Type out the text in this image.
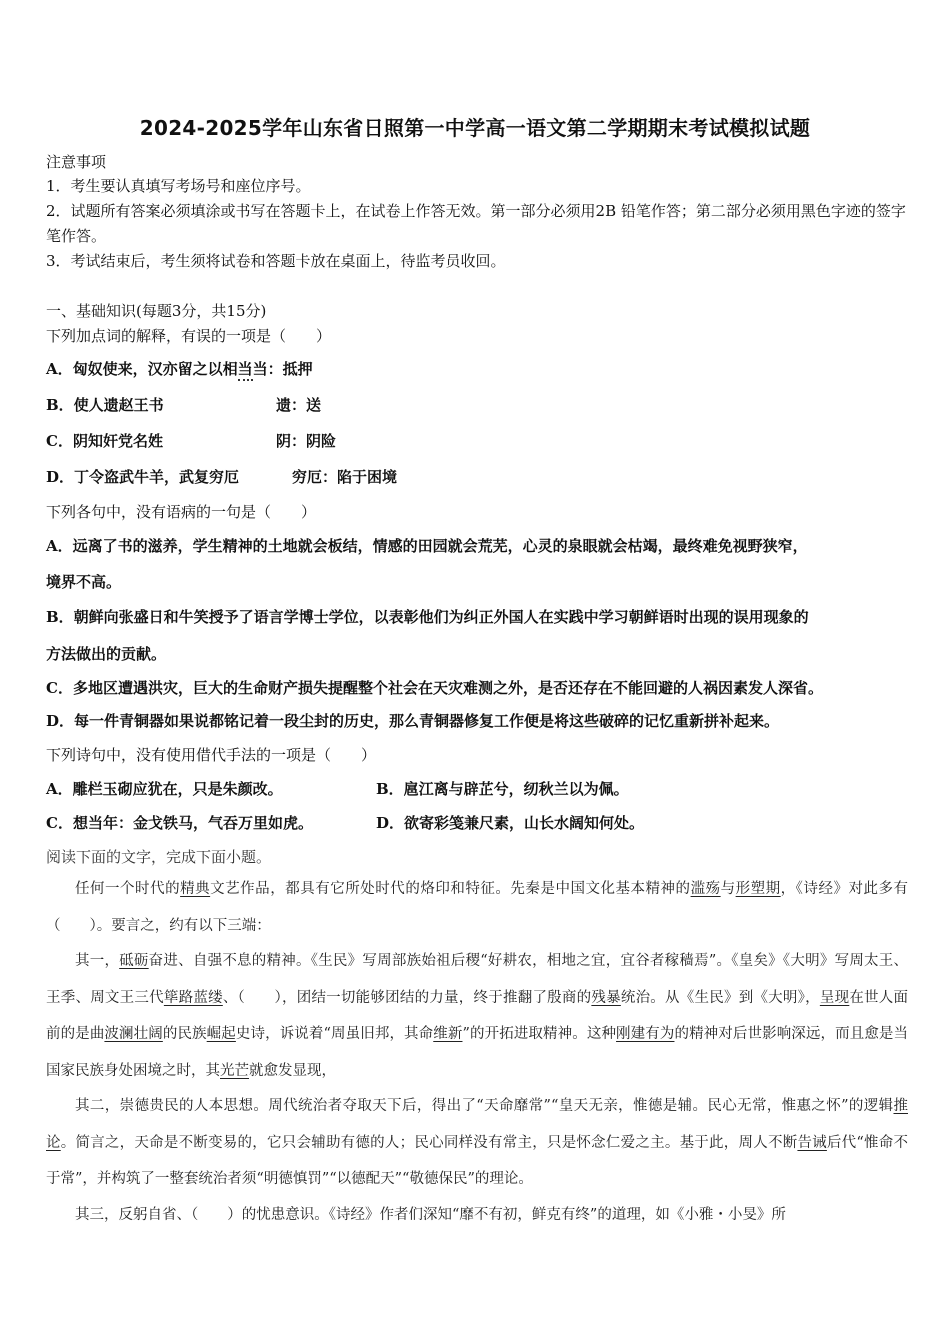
2024-2025学年山东省日照第一中学高一语文第二学期期末考试模拟试题
注意事项
1．考生要认真填写考场号和座位序号。
2．试题所有答案必须填涂或书写在答题卡上，在试卷上作答无效。第一部分必须用2B 铅笔作答；第二部分必须用黑色字迹的签字笔作答。
3．考试结束后，考生须将试卷和答题卡放在桌面上，待监考员收回。
一、基础知识(每题3分，共15分)
下列加点词的解释，有误的一项是（　　）
A．匈奴使来，汉亦留之以相当当：抵押
B．使人遗赵王书	遗：送
C．阴知奸党名姓	阴：阴险
D．丁令盗武牛羊，武复穷厄	穷厄：陷于困境
下列各句中，没有语病的一句是（　　）
A．远离了书的滋养，学生精神的土地就会板结，情感的田园就会荒芜，心灵的泉眼就会枯竭，最终难免视野狭窄，
境界不高。
B．朝鲜向张盛日和牛笑授予了语言学博士学位，以表彰他们为纠正外国人在实践中学习朝鲜语时出现的误用现象的
方法做出的贡献。
C．多地区遭遇洪灾，巨大的生命财产损失提醒整个社会在天灾难测之外，是否还存在不能回避的人祸因素发人深省。
D．每一件青铜器如果说都铭记着一段尘封的历史，那么青铜器修复工作便是将这些破碎的记忆重新拼补起来。
下列诗句中，没有使用借代手法的一项是（　　）
A．雕栏玉砌应犹在，只是朱颜改。	B．扈江离与辟芷兮，纫秋兰以为佩。
C．想当年：金戈铁马，气吞万里如虎。	D．欲寄彩笺兼尺素，山长水阔知何处。
阅读下面的文字，完成下面小题。
任何一个时代的精典文艺作品，都具有它所处时代的烙印和特征。先秦是中国文化基本精神的滥殇与形塑期，《诗经》对此多有（　　）。要言之，约有以下三端：
其一，砥砺奋进、自强不息的精神。《生民》写周部族始祖后稷“好耕农，相地之宜，宜谷者稼穑焉”。《皇矣》《大明》写周太王、王季、周文王三代筚路蓝缕、（　　），团结一切能够团结的力量，终于推翻了殷商的残暴统治。从《生民》到《大明》，呈现在世人面前的是曲波澜壮阔的民族崛起史诗，诉说着“周虽旧邦，其命维新”的开拓进取精神。这种刚建有为的精神对后世影响深远，而且愈是当国家民族身处困境之时，其光芒就愈发显现，
其二，崇德贵民的人本思想。周代统治者夺取天下后，得出了“天命靡常”“皇天无亲，惟德是辅。民心无常，惟惠之怀”的逻辑推论。简言之，天命是不断变易的，它只会辅助有德的人；民心同样没有常主，只是怀念仁爱之主。基于此，周人不断告诫后代“惟命不于常”，并构筑了一整套统治者须“明德慎罚”“以德配天”“敬德保民”的理论。
其三，反躬自省、（　　）的忧患意识。《诗经》作者们深知“靡不有初，鲜克有终”的道理，如《小雅・小旻》所
